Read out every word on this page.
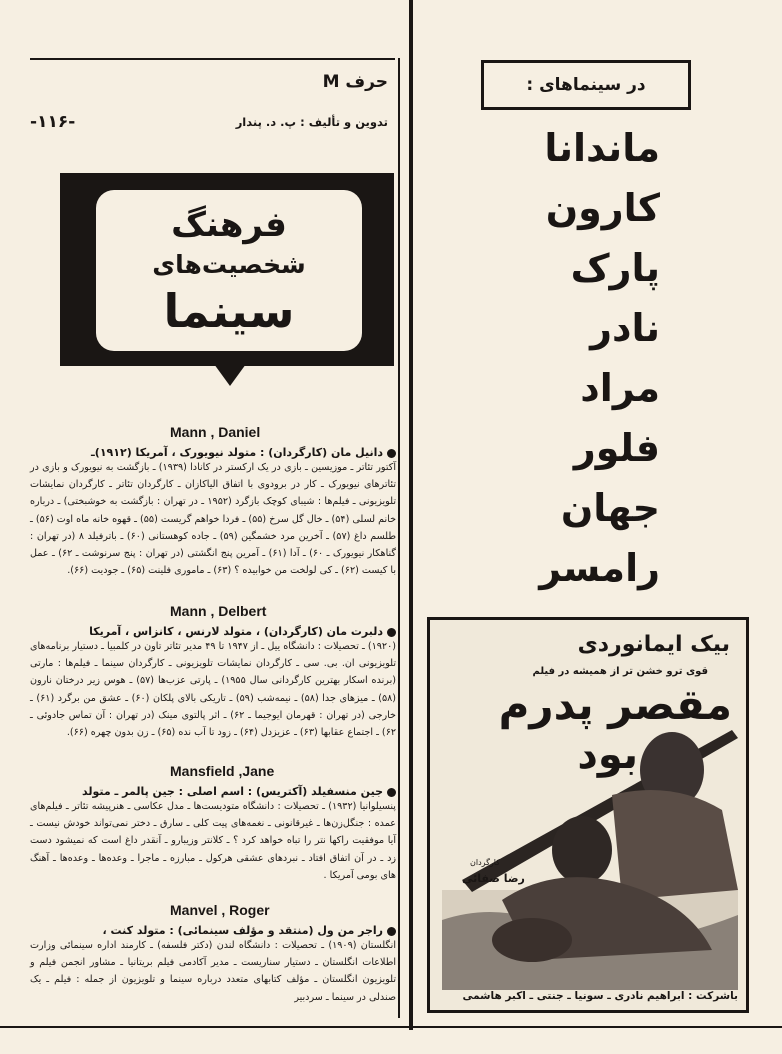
حرف M
تدوین و تألیف : پ. د. پندار
-۱۱۶-
فرهنگ
شخصیت‌های
سینما
Mann , Daniel
دانیل مان (کارگردان) : متولد نیویورک ، آمریکا (۱۹۱۲)ـ
آکتور تئاتر ـ موزیسین ـ بازی در یک ارکستر در کانادا (۱۹۳۹) ـ بازگشت به نیویورک و بازی در تئاترهای نیویورک ـ کار در برودوی با اتفاق الیاکازان ـ کارگردان تئاتر ـ کارگردان نمایشات تلویزیونی ـ فیلم‌ها : شیبای کوچک بازگرد (۱۹۵۲ ـ در تهران : بازگشت به خوشبختی) ـ درباره خانم لسلی (۵۴) ـ خال گل سرخ (۵۵) ـ فردا خواهم گریست (۵۵) ـ قهوه خانه ماه اوت (۵۶) ـ طلسم داغ (۵۷) ـ آخرین مرد خشمگین (۵۹) ـ جاده کوهستانی (۶۰) ـ باترفیلد ۸ (در تهران : گناهکار نیویورک ـ ۶۰) ـ آدا (۶۱) ـ آمرین پنج انگشتی (در تهران : پنج سرنوشت ـ ۶۲) ـ عمل با کیست (۶۲) ـ کی لولخت من خوابیده ؟ (۶۳) ـ ماموری فلینت (۶۵) ـ جودیت (۶۶).
Mann , Delbert
دلبرت مان (کارگردان) ، متولد لارنس ، کانزاس ، آمریکا
(۱۹۲۰) ـ تحصیلات : دانشگاه ییل ـ از ۱۹۴۷ تا ۴۹ مدیر تئاتر تاون در کلمبیا ـ دستیار برنامه‌های تلویزیونی ان. بی. سی ـ کارگردان نمایشات تلویزیونی ـ کارگردان سینما ـ فیلم‌ها : مارتی (برنده اسکار بهترین کارگردانی سال ۱۹۵۵) ـ پارتی عزب‌ها (۵۷) ـ هوس زیر درختان نارون (۵۸) ـ میزهای جدا (۵۸) ـ نیمه‌شب (۵۹) ـ تاریکی بالای پلکان (۶۰) ـ عشق من برگرد (۶۱) ـ خارجی (در تهران : قهرمان ایوجیما ـ ۶۲) ـ اثر پالتوی مینک (در تهران : آن تماس جادوئی ـ ۶۲) ـ اجتماع عقابها (۶۳) ـ عزیزدل (۶۴) ـ زود تا آب نده (۶۵) ـ زن بدون چهره (۶۶).
Mansfield ,Jane
جین منسفیلد (آکتریس) : اسم اصلی : جین پالمر ـ متولد
پنسیلوانیا (۱۹۳۲) ـ تحصیلات : دانشگاه متودیست‌ها ـ مدل عکاسی ـ هنرپیشه تئاتر ـ فیلم‌های عمده : جنگل‌زن‌ها ـ غیرقانونی ـ نغمه‌های پیت کلی ـ سارق ـ دختر نمی‌تواند خودش نیست ـ آیا موفقیت راکها نتر را تباه خواهد کرد ؟ ـ کلانتر وزیبارو ـ آنقدر داغ است که نمیشود دست زد ـ در آن اتفاق افتاد ـ نبردهای عشقی هرکول ـ مبارزه ـ ماجرا ـ وعده‌ها ـ وعده‌ها ـ آهنگ های بومی آمریکا .
Manvel , Roger
راجر من ول (منتقد و مؤلف سینمائی) : متولد کنت ،
انگلستان (۱۹۰۹) ـ تحصیلات : دانشگاه لندن (دکتر فلسفه) ـ کارمند اداره سینمائی وزارت اطلاعات انگلستان ـ دستیار سناریست ـ مدیر آکادمی فیلم بریتانیا ـ مشاور انجمن فیلم و تلویزیون انگلستان ـ مؤلف کتابهای متعدد درباره سینما و تلویزیون از جمله : فیلم ـ یک صندلی در سینما ـ سردبیر
در سینماهای :
ماندانا
کارون
پارک
نادر
مراد
فلور
جهان
رامسر
بیک ایمانوردی
قوی ترو خشن تر از همیشه در فیلم
مقصر پدرم
بود
کارگردان
رضا صفائی
باشرکت : ابراهیم نادری ـ سونیا ـ جنتی ـ اکبر هاشمی
